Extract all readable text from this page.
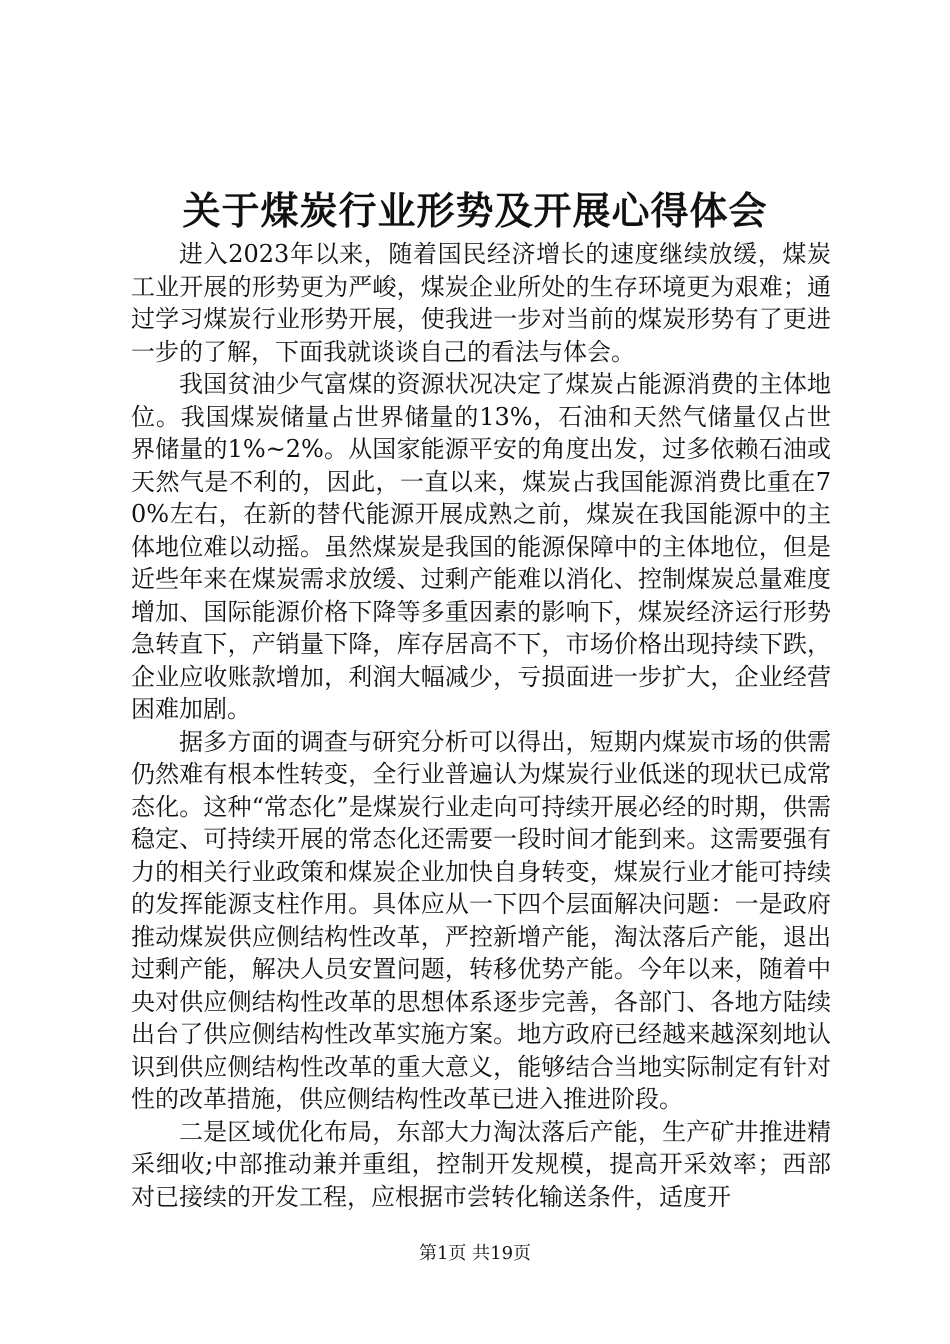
关于煤炭行业形势及开展心得体会

进入2023年以来，随着国民经济增长的速度继续放缓，煤炭工业开展的形势更为严峻，煤炭企业所处的生存环境更为艰难；通过学习煤炭行业形势开展，使我进一步对当前的煤炭形势有了更进一步的了解，下面我就谈谈自己的看法与体会。

我国贫油少气富煤的资源状况决定了煤炭占能源消费的主体地位。我国煤炭储量占世界储量的13%，石油和天然气储量仅占世界储量的1%~2%。从国家能源平安的角度出发，过多依赖石油或天然气是不利的，因此，一直以来，煤炭占我国能源消费比重在70%左右，在新的替代能源开展成熟之前，煤炭在我国能源中的主体地位难以动摇。虽然煤炭是我国的能源保障中的主体地位，但是近些年来在煤炭需求放缓、过剩产能难以消化、控制煤炭总量难度增加、国际能源价格下降等多重因素的影响下，煤炭经济运行形势急转直下，产销量下降，库存居高不下，市场价格出现持续下跌，企业应收账款增加，利润大幅减少，亏损面进一步扩大，企业经营困难加剧。

据多方面的调查与研究分析可以得出，短期内煤炭市场的供需仍然难有根本性转变，全行业普遍认为煤炭行业低迷的现状已成常态化。这种“常态化”是煤炭行业走向可持续开展必经的时期，供需稳定、可持续开展的常态化还需要一段时间才能到来。这需要强有力的相关行业政策和煤炭企业加快自身转变，煤炭行业才能可持续的发挥能源支柱作用。具体应从一下四个层面解决问题：一是政府推动煤炭供应侧结构性改革，严控新增产能，淘汰落后产能，退出过剩产能，解决人员安置问题，转移优势产能。今年以来，随着中央对供应侧结构性改革的思想体系逐步完善，各部门、各地方陆续出台了供应侧结构性改革实施方案。地方政府已经越来越深刻地认识到供应侧结构性改革的重大意义，能够结合当地实际制定有针对性的改革措施，供应侧结构性改革已进入推进阶段。

二是区域优化布局，东部大力淘汰落后产能，生产矿井推进精采细收;中部推动兼并重组，控制开发规模，提高开采效率；西部对已接续的开发工程，应根据市尝转化输送条件，适度开

第1页 共19页
